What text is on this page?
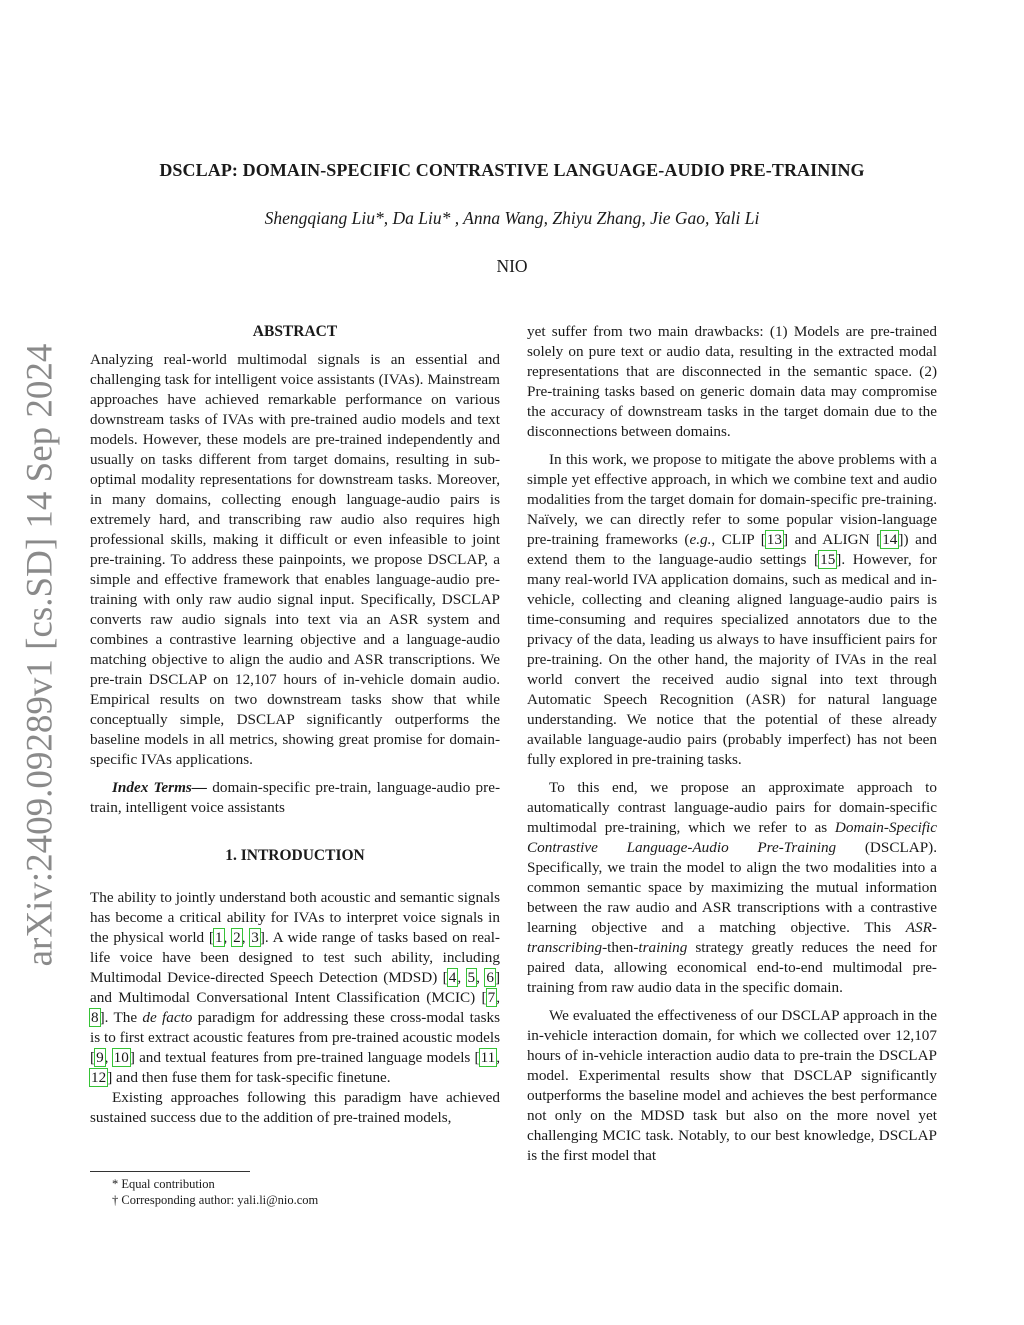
arXiv:2409.09289v1 [cs.SD] 14 Sep 2024
DSCLAP: DOMAIN-SPECIFIC CONTRASTIVE LANGUAGE-AUDIO PRE-TRAINING
Shengqiang Liu*, Da Liu* , Anna Wang, Zhiyu Zhang, Jie Gao, Yali Li
NIO

ABSTRACT

Analyzing real-world multimodal signals is an essential and challenging task for intelligent voice assistants (IVAs). Mainstream approaches have achieved remarkable performance on various downstream tasks of IVAs with pre-trained audio models and text models. However, these models are pre-trained independently and usually on tasks different from target domains, resulting in sub-optimal modality representations for downstream tasks. Moreover, in many domains, collecting enough language-audio pairs is extremely hard, and transcribing raw audio also requires high professional skills, making it difficult or even infeasible to joint pre-training. To address these painpoints, we propose DSCLAP, a simple and effective framework that enables language-audio pre-training with only raw audio signal input. Specifically, DSCLAP converts raw audio signals into text via an ASR system and combines a contrastive learning objective and a language-audio matching objective to align the audio and ASR transcriptions. We pre-train DSCLAP on 12,107 hours of in-vehicle domain audio. Empirical results on two downstream tasks show that while conceptually simple, DSCLAP significantly outperforms the baseline models in all metrics, showing great promise for domain-specific IVAs applications.

Index Terms— domain-specific pre-train, language-audio pre-train, intelligent voice assistants

1. INTRODUCTION

The ability to jointly understand both acoustic and semantic signals has become a critical ability for IVAs to interpret voice signals in the physical world [1, 2, 3]. A wide range of tasks based on real-life voice have been designed to test such ability, including Multimodal Device-directed Speech Detection (MDSD) [4, 5, 6] and Multimodal Conversational Intent Classification (MCIC) [7, 8]. The de facto paradigm for addressing these cross-modal tasks is to first extract acoustic features from pre-trained acoustic models [9, 10] and textual features from pre-trained language models [11, 12] and then fuse them for task-specific finetune.

Existing approaches following this paradigm have achieved sustained success due to the addition of pre-trained models,

yet suffer from two main drawbacks: (1) Models are pre-trained solely on pure text or audio data, resulting in the extracted modal representations that are disconnected in the semantic space. (2) Pre-training tasks based on generic domain data may compromise the accuracy of downstream tasks in the target domain due to the disconnections between domains.

In this work, we propose to mitigate the above problems with a simple yet effective approach, in which we combine text and audio modalities from the target domain for domain-specific pre-training. Naïvely, we can directly refer to some popular vision-language pre-training frameworks (e.g., CLIP [13] and ALIGN [14]) and extend them to the language-audio settings [15]. However, for many real-world IVA application domains, such as medical and in-vehicle, collecting and cleaning aligned language-audio pairs is time-consuming and requires specialized annotators due to the privacy of the data, leading us always to have insufficient pairs for pre-training. On the other hand, the majority of IVAs in the real world convert the received audio signal into text through Automatic Speech Recognition (ASR) for natural language understanding. We notice that the potential of these already available language-audio pairs (probably imperfect) has not been fully explored in pre-training tasks.

To this end, we propose an approximate approach to automatically contrast language-audio pairs for domain-specific multimodal pre-training, which we refer to as Domain-Specific Contrastive Language-Audio Pre-Training (DSCLAP). Specifically, we train the model to align the two modalities into a common semantic space by maximizing the mutual information between the raw audio and ASR transcriptions with a contrastive learning objective and a matching objective. This ASR-transcribing-then-training strategy greatly reduces the need for paired data, allowing economical end-to-end multimodal pre-training from raw audio data in the specific domain.

We evaluated the effectiveness of our DSCLAP approach in the in-vehicle interaction domain, for which we collected over 12,107 hours of in-vehicle interaction audio data to pre-train the DSCLAP model. Experimental results show that DSCLAP significantly outperforms the baseline model and achieves the best performance not only on the MDSD task but also on the more novel yet challenging MCIC task. Notably, to our best knowledge, DSCLAP is the first model that

* Equal contribution
† Corresponding author: yali.li@nio.com
